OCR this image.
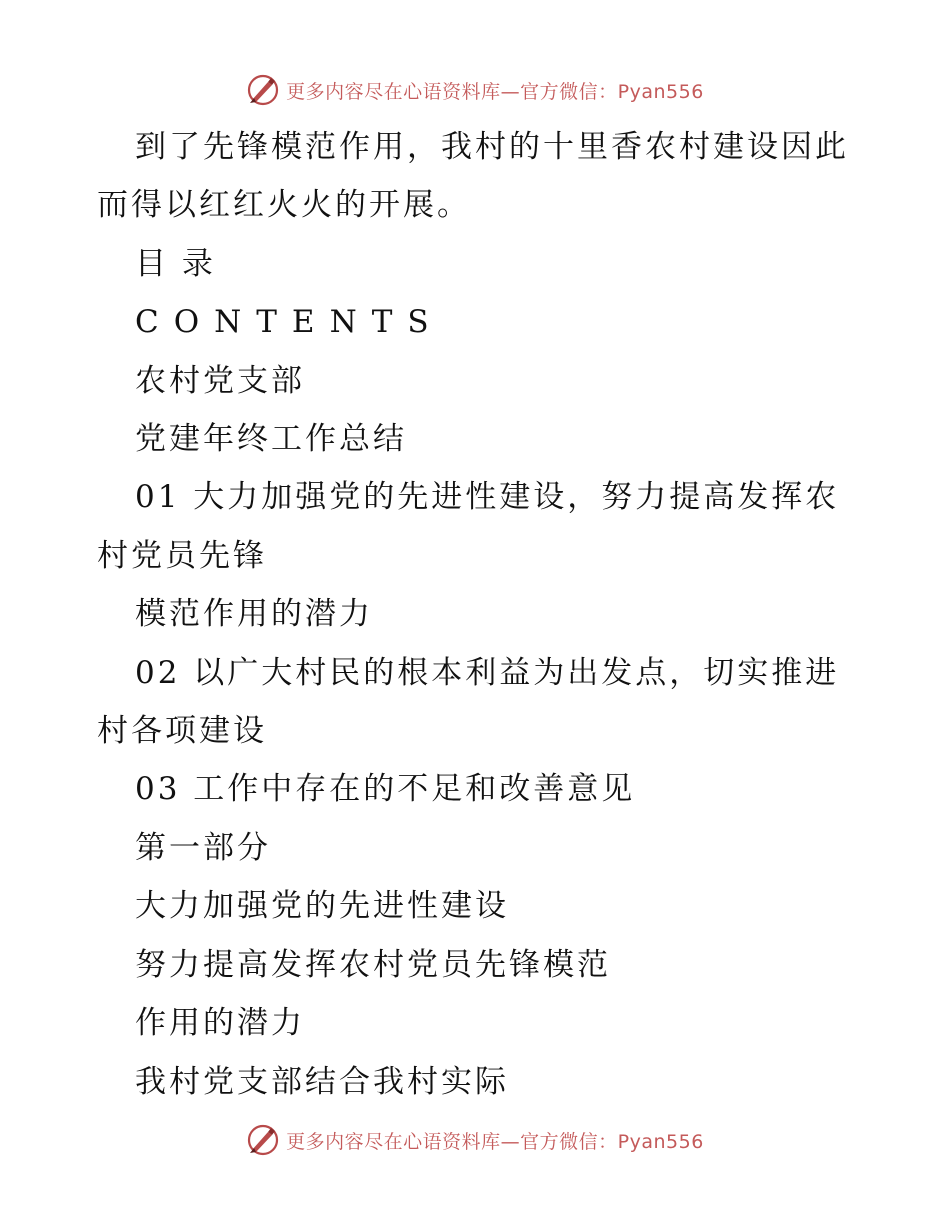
更多内容尽在心语资料库—官方微信：Pyan556

到了先锋模范作用，我村的十里香农村建设因此

而得以红红火火的开展。

目 录

CONTENTS

农村党支部

党建年终工作总结

01 大力加强党的先进性建设，努力提高发挥农

村党员先锋

模范作用的潜力

02 以广大村民的根本利益为出发点，切实推进

村各项建设

03 工作中存在的不足和改善意见

第一部分

大力加强党的先进性建设

努力提高发挥农村党员先锋模范

作用的潜力

我村党支部结合我村实际

更多内容尽在心语资料库—官方微信：Pyan556
